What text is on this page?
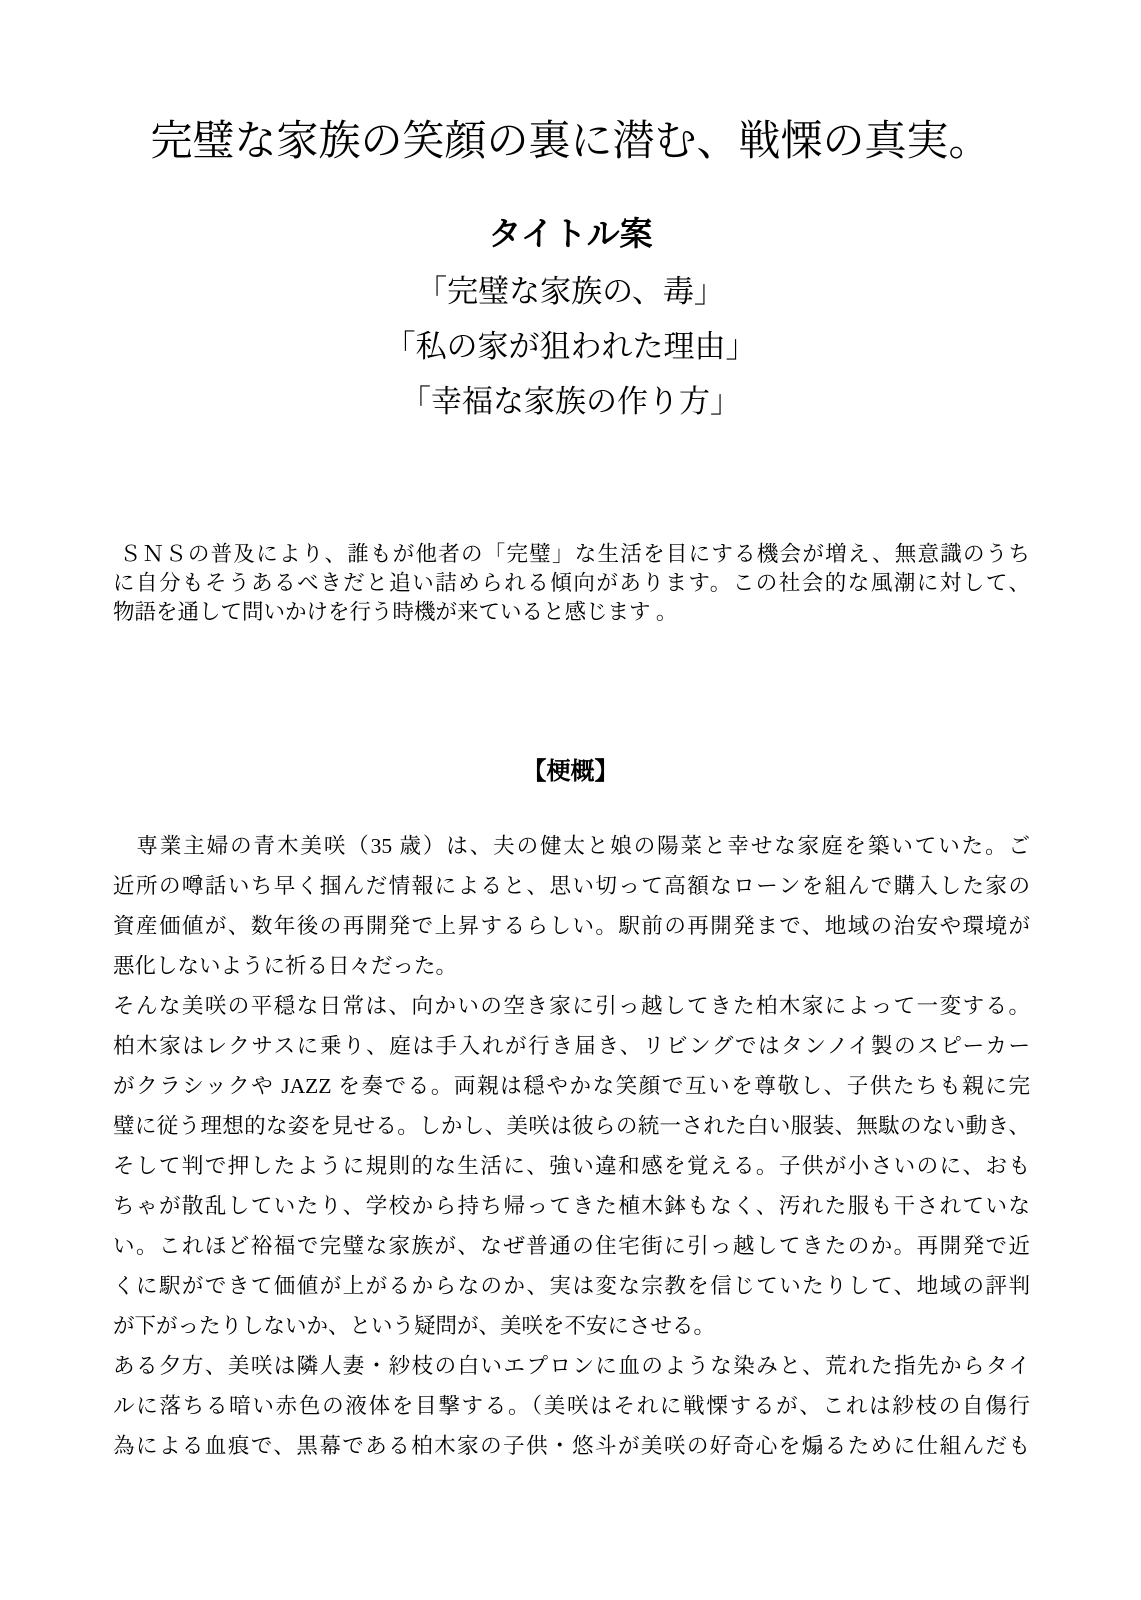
完璧な家族の笑顔の裏に潜む、戦慄の真実。
タイトル案
「完璧な家族の、毒」
「私の家が狙われた理由」
「幸福な家族の作り方」
ＳＮＳの普及により、誰もが他者の「完璧」な生活を目にする機会が増え、無意識のうち
に自分もそうあるべきだと追い詰められる傾向があります。この社会的な風潮に対して、
物語を通して問いかけを行う時機が来ていると感じます 。
【梗概】
　専業主婦の青木美咲（35 歳）は、夫の健太と娘の陽菜と幸せな家庭を築いていた。ご
近所の噂話いち早く掴んだ情報によると、思い切って高額なローンを組んで購入した家の
資産価値が、数年後の再開発で上昇するらしい。駅前の再開発まで、地域の治安や環境が
悪化しないように祈る日々だった。
そんな美咲の平穏な日常は、向かいの空き家に引っ越してきた柏木家によって一変する。
柏木家はレクサスに乗り、庭は手入れが行き届き、リビングではタンノイ製のスピーカー
がクラシックや JAZZ を奏でる。両親は穏やかな笑顔で互いを尊敬し、子供たちも親に完
璧に従う理想的な姿を見せる。しかし、美咲は彼らの統一された白い服装、無駄のない動き、
そして判で押したように規則的な生活に、強い違和感を覚える。子供が小さいのに、おも
ちゃが散乱していたり、学校から持ち帰ってきた植木鉢もなく、汚れた服も干されていな
い。これほど裕福で完璧な家族が、なぜ普通の住宅街に引っ越してきたのか。再開発で近
くに駅ができて価値が上がるからなのか、実は変な宗教を信じていたりして、地域の評判
が下がったりしないか、という疑問が、美咲を不安にさせる。
ある夕方、美咲は隣人妻・紗枝の白いエプロンに血のような染みと、荒れた指先からタイ
ルに落ちる暗い赤色の液体を目撃する。（美咲はそれに戦慄するが、これは紗枝の自傷行
為による血痕で、黒幕である柏木家の子供・悠斗が美咲の好奇心を煽るために仕組んだも
